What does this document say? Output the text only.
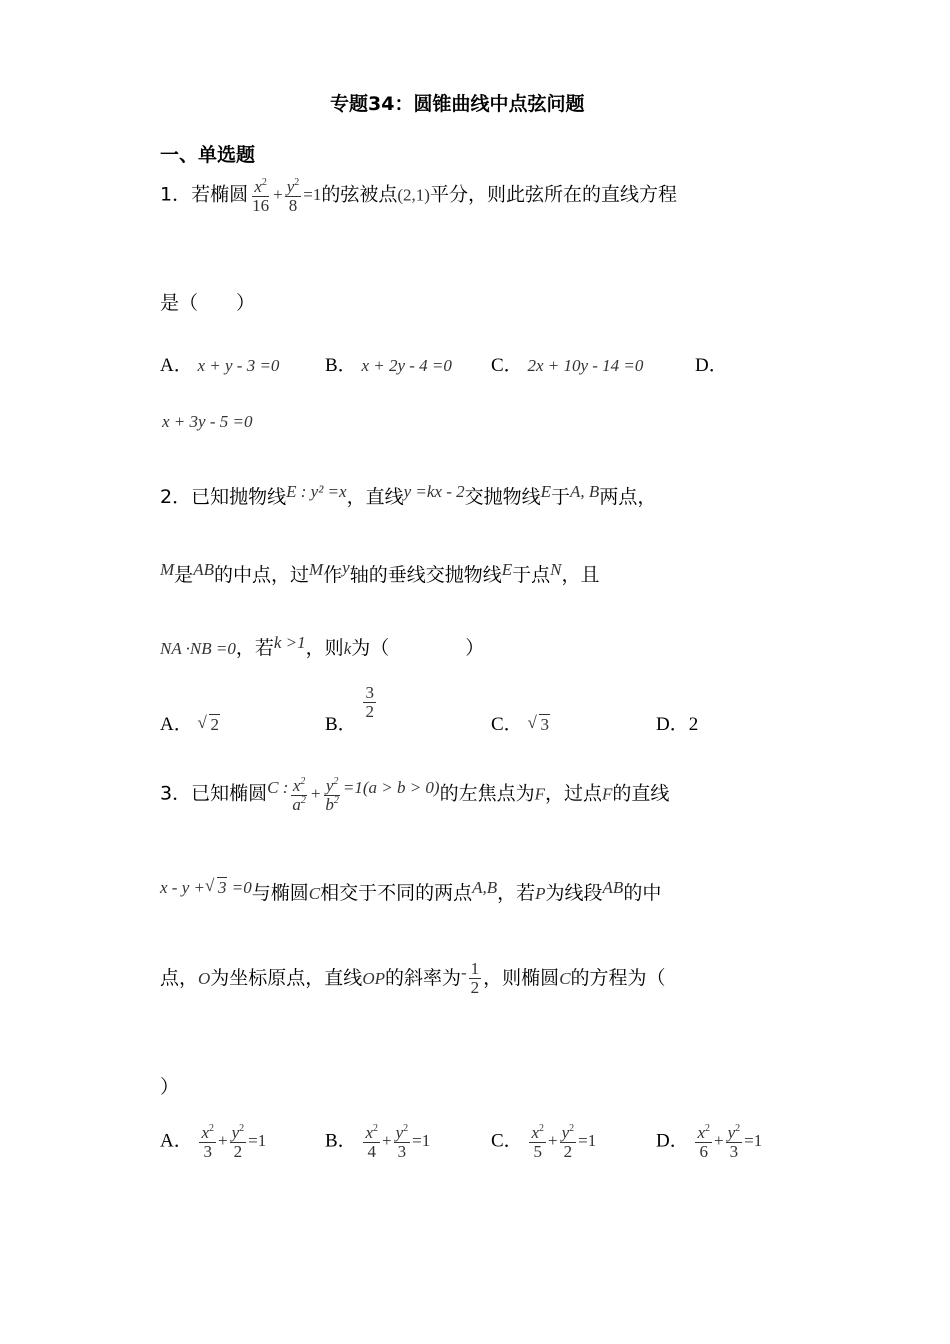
专题34：圆锥曲线中点弦问题
一、单选题
1．若椭圆 $\frac{x^2}{16} + \frac{y^2}{8} =1$的弦被点(2,1)平分，则此弦所在的直线方程
是（　　）
A． x + y - 3 =0 B． x + 2y - 4 =0 C． 2x + 10y - 14 =0	D．
x + 3y - 5 =0
2．已知抛物线E : y² =x，直线y =kx - 2交抛物线E于A, B两点，
M是AB的中点，过M作y轴的垂线交抛物线E于点N，且
NA ·NB =0，若k >1，则k为（　　　　）
A． √ 2	B．
$\frac{3}{2}$
C． √ 3	D．2
3．已知椭圆C : $\frac{x^2}{a^2} + \frac{y^2}{b^2} =1(a > b > 0)$的左焦点为F，过点F的直线
x - y + √ 3 =0与椭圆C相交于不同的两点A,B，若P为线段AB的中
点，O为坐标原点，直线OP的斜率为- $\frac{1}{2}$ ，则椭圆C的方程为（
）
A． $\frac{x^2}{3} + \frac{y^2}{2} =1$	B． $\frac{x^2}{4} + \frac{y^2}{3} =1$	C． $\frac{x^2}{5} + \frac{y^2}{2} =1$	D． $\frac{x^2}{6} + \frac{y^2}{3} =1$
